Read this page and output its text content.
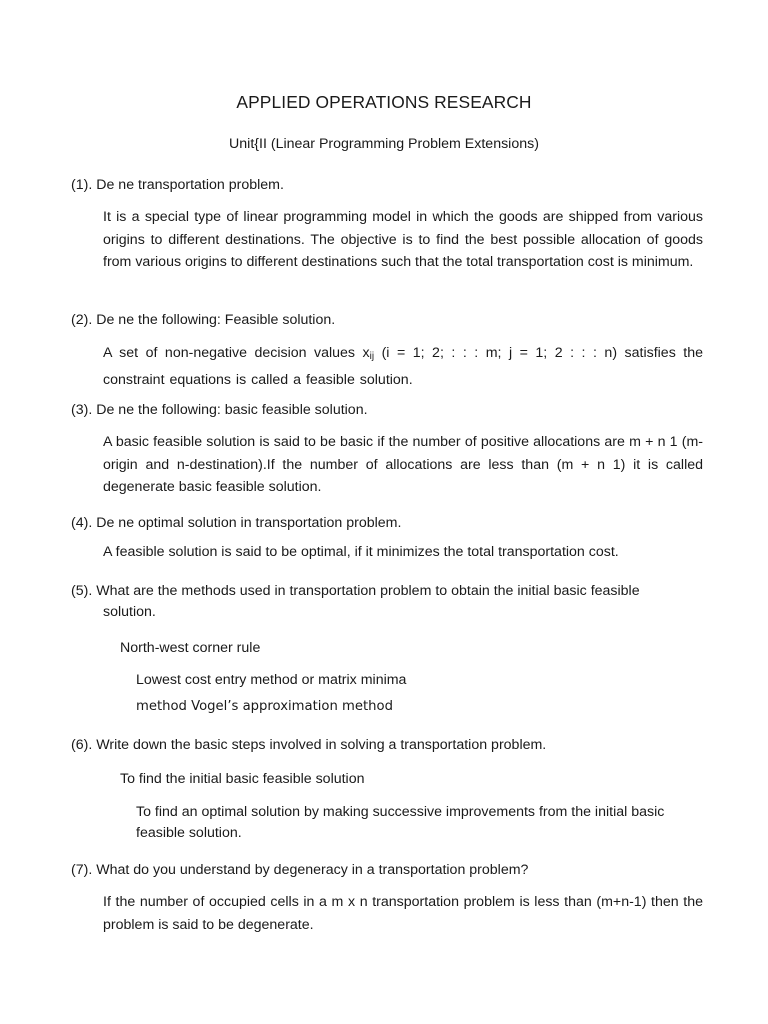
APPLIED OPERATIONS RESEARCH
Unit{II (Linear Programming Problem Extensions)
(1). De ne transportation problem.
It is a special type of linear programming model in which the goods are shipped from various origins to different destinations. The objective is to find the best possible allocation of goods from various origins to different destinations such that the total transportation cost is minimum.
(2). De ne the following: Feasible solution.
A set of non-negative decision values $x_{ij}$ (i = 1; 2; : : : m; j = 1; 2 : : : n) satisfies the constraint equations is called a feasible solution.
(3). De ne the following: basic feasible solution.
A basic feasible solution is said to be basic if the number of positive allocations are m + n 1 (m-origin and n-destination).If the number of allocations are less than (m + n 1) it is called degenerate basic feasible solution.
(4). De ne optimal solution in transportation problem.
A feasible solution is said to be optimal, if it minimizes the total transportation cost.
(5). What are the methods used in transportation problem to obtain the initial basic feasible
solution.
North-west corner rule
Lowest cost entry method or matrix minima
method Vogel’s approximation method
(6). Write down the basic steps involved in solving a transportation problem.
To find the initial basic feasible solution
To find an optimal solution by making successive improvements from the initial basic feasible solution.
(7). What do you understand by degeneracy in a transportation problem?
If the number of occupied cells in a m x n transportation problem is less than (m+n-1) then the problem is said to be degenerate.
